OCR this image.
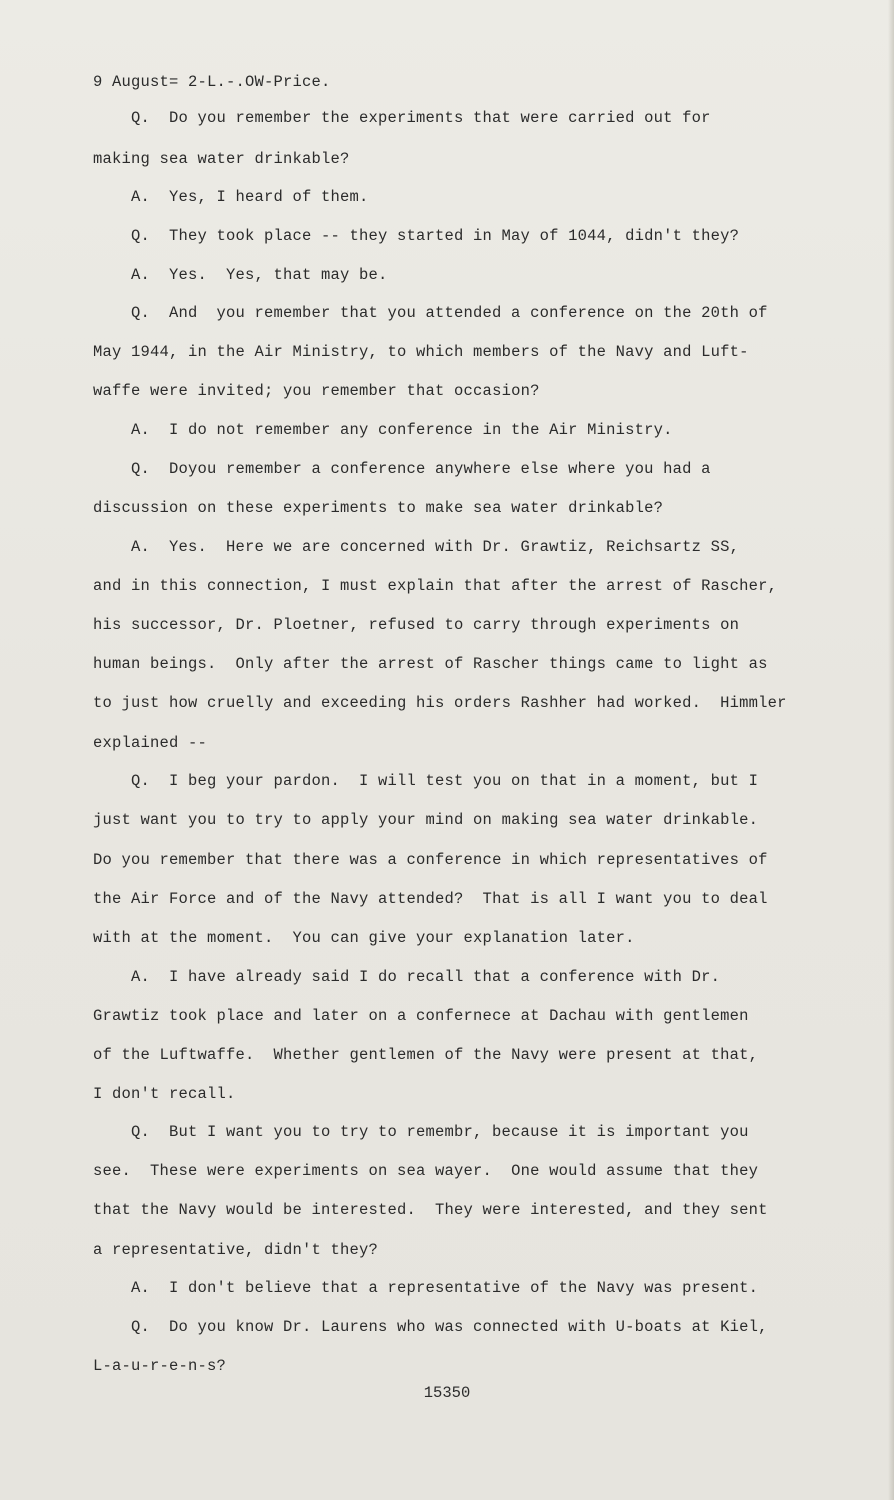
9 August= 2-L.-.OW-Price.
Q.  Do you remember the experiments that were carried out for
making sea water drinkable?
A.  Yes, I heard of them.
Q.  They took place -- they started in May of 1044, didn't they?
A.  Yes.  Yes, that may be.
Q.  And  you remember that you attended a conference on the 20th of
May 1944, in the Air Ministry, to which members of the Navy and Luft-
waffe were invited; you remember that occasion?
A.  I do not remember any conference in the Air Ministry.
Q.  Doyou remember a conference anywhere else where you had a
discussion on these experiments to make sea water drinkable?
A.  Yes.  Here we are concerned with Dr. Grawtiz, Reichsartz SS,
and in this connection, I must explain that after the arrest of Rascher,
his successor, Dr. Ploetner, refused to carry through experiments on
human beings.  Only after the arrest of Rascher things came to light as
to just how cruelly and exceeding his orders Rashher had worked.  Himmler
explained --
Q.  I beg your pardon.  I will test you on that in a moment, but I
just want you to try to apply your mind on making sea water drinkable.
Do you remember that there was a conference in which representatives of
the Air Force and of the Navy attended?  That is all I want you to deal
with at the moment.  You can give your explanation later.
A.  I have already said I do recall that a conference with Dr.
Grawtiz took place and later on a confernece at Dachau with gentlemen
of the Luftwaffe.  Whether gentlemen of the Navy were present at that,
I don't recall.
Q.  But I want you to try to remembr, because it is important you
see.  These were experiments on sea wayer.  One would assume that they
that the Navy would be interested.  They were interested, and they sent
a representative, didn't they?
A.  I don't believe that a representative of the Navy was present.
Q.  Do you know Dr. Laurens who was connected with U-boats at Kiel,
L-a-u-r-e-n-s?
15350
